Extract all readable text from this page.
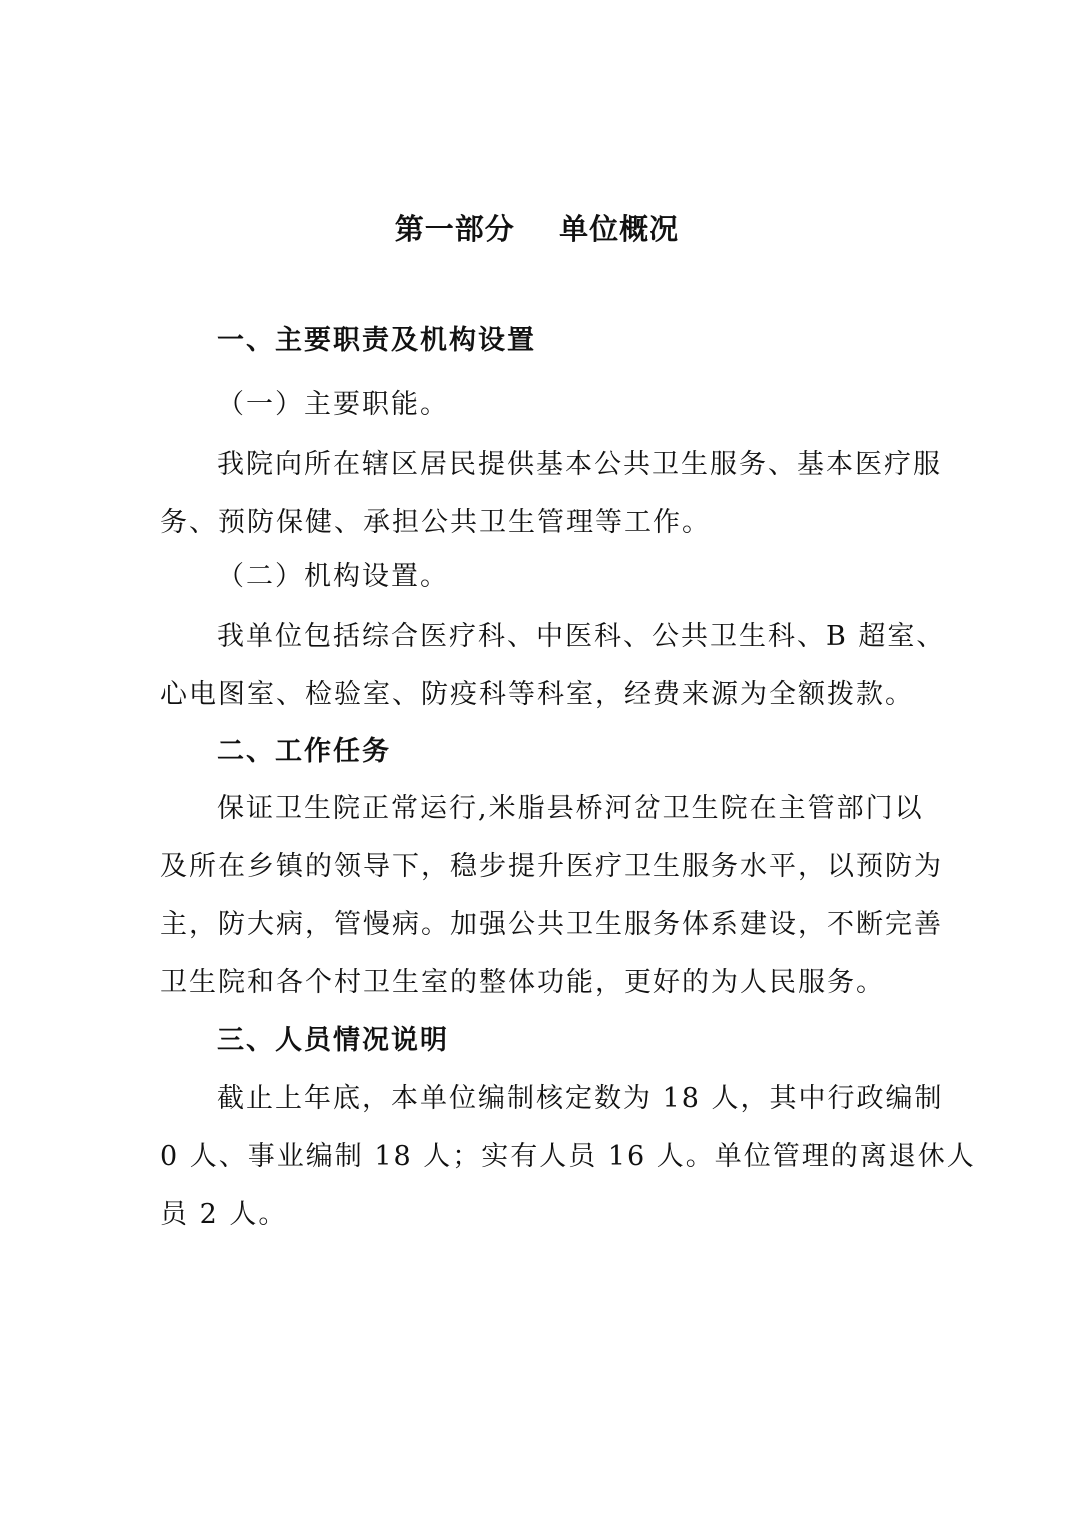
第一部分    单位概况
一、主要职责及机构设置
（一）主要职能。
我院向所在辖区居民提供基本公共卫生服务、基本医疗服
务、预防保健、承担公共卫生管理等工作。
（二）机构设置。
我单位包括综合医疗科、中医科、公共卫生科、B 超室、
心电图室、检验室、防疫科等科室，经费来源为全额拨款。
二、工作任务
保证卫生院正常运行,米脂县桥河岔卫生院在主管部门以
及所在乡镇的领导下，稳步提升医疗卫生服务水平，以预防为
主，防大病，管慢病。加强公共卫生服务体系建设，不断完善
卫生院和各个村卫生室的整体功能，更好的为人民服务。
三、人员情况说明
截止上年底，本单位编制核定数为 18 人，其中行政编制
0 人、事业编制 18 人；实有人员 16 人。单位管理的离退休人
员 2 人。
